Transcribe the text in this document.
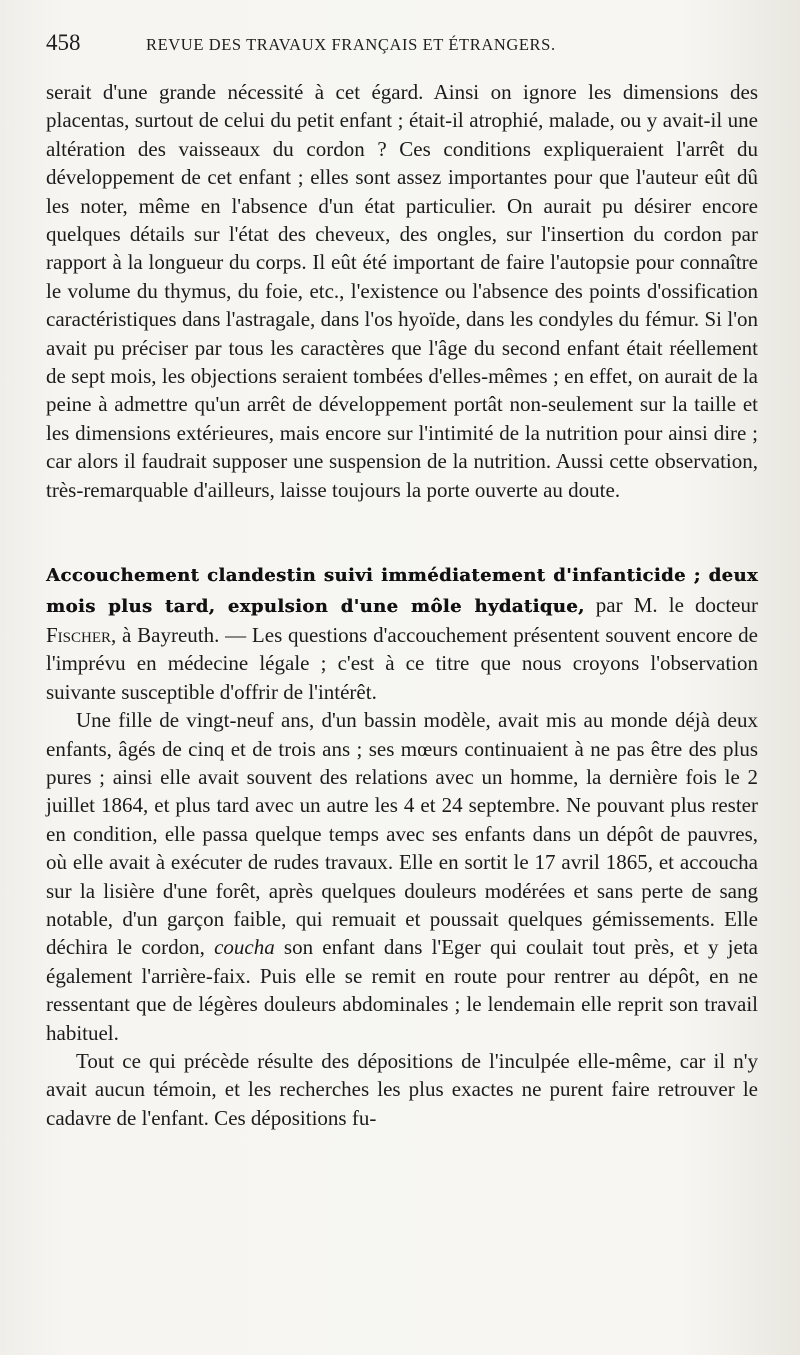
458	REVUE DES TRAVAUX FRANÇAIS ET ÉTRANGERS.

serait d'une grande nécessité à cet égard. Ainsi on ignore les dimensions des placentas, surtout de celui du petit enfant ; était-il atrophié, malade, ou y avait-il une altération des vaisseaux du cordon ? Ces conditions expliqueraient l'arrêt du développement de cet enfant ; elles sont assez importantes pour que l'auteur eût dû les noter, même en l'absence d'un état particulier. On aurait pu désirer encore quelques détails sur l'état des cheveux, des ongles, sur l'insertion du cordon par rapport à la longueur du corps. Il eût été important de faire l'autopsie pour connaître le volume du thymus, du foie, etc., l'existence ou l'absence des points d'ossification caractéristiques dans l'astragale, dans l'os hyoïde, dans les condyles du fémur. Si l'on avait pu préciser par tous les caractères que l'âge du second enfant était réellement de sept mois, les objections seraient tombées d'elles-mêmes ; en effet, on aurait de la peine à admettre qu'un arrêt de développement portât non-seulement sur la taille et les dimensions extérieures, mais encore sur l'intimité de la nutrition pour ainsi dire ; car alors il faudrait supposer une suspension de la nutrition. Aussi cette observation, très-remarquable d'ailleurs, laisse toujours la porte ouverte au doute.

Accouchement clandestin suivi immédiatement d'infanticide ; deux mois plus tard, expulsion d'une môle hydatique, par M. le docteur Fischer, à Bayreuth. — Les questions d'accouchement présentent souvent encore de l'imprévu en médecine légale ; c'est à ce titre que nous croyons l'observation suivante susceptible d'offrir de l'intérêt.

Une fille de vingt-neuf ans, d'un bassin modèle, avait mis au monde déjà deux enfants, âgés de cinq et de trois ans ; ses mœurs continuaient à ne pas être des plus pures ; ainsi elle avait souvent des relations avec un homme, la dernière fois le 2 juillet 1864, et plus tard avec un autre les 4 et 24 septembre. Ne pouvant plus rester en condition, elle passa quelque temps avec ses enfants dans un dépôt de pauvres, où elle avait à exécuter de rudes travaux. Elle en sortit le 17 avril 1865, et accoucha sur la lisière d'une forêt, après quelques douleurs modérées et sans perte de sang notable, d'un garçon faible, qui remuait et poussait quelques gémissements. Elle déchira le cordon, coucha son enfant dans l'Eger qui coulait tout près, et y jeta également l'arrière-faix. Puis elle se remit en route pour rentrer au dépôt, en ne ressentant que de légères douleurs abdominales ; le lendemain elle reprit son travail habituel.

Tout ce qui précède résulte des dépositions de l'inculpée elle-même, car il n'y avait aucun témoin, et les recherches les plus exactes ne purent faire retrouver le cadavre de l'enfant. Ces dépositions fu-
